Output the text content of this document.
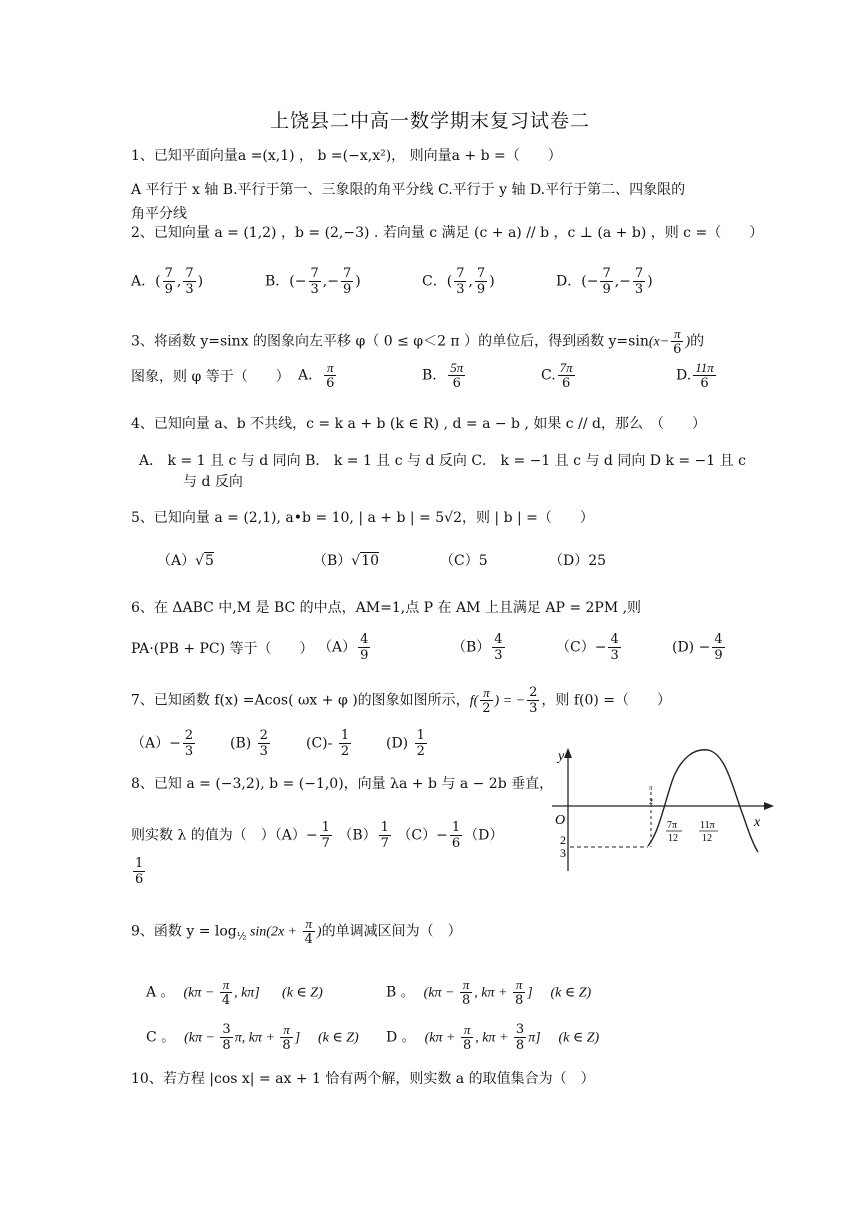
上饶县二中高一数学期末复习试卷二
1、已知平面向量a =(x,1) ， b =(−x,x²)， 则向量a + b =（　　）
A 平行于 x 轴 B.平行于第一、三象限的角平分线 C.平行于 y 轴 D.平行于第二、四象限的
角平分线
2、已知向量 a = (1,2) ，b = (2,−3) . 若向量 c 满足 (c + a) // b ，c ⊥ (a + b) ，则 c =（　　）
A．( $\frac{7}{9}$ , $\frac{7}{3}$ )	B．(− $\frac{7}{3}$ ,− $\frac{7}{9}$ )	C．( $\frac{7}{3}$ , $\frac{7}{9}$ )	D．(− $\frac{7}{9}$ ,− $\frac{7}{3}$ )
3、将函数 y=sinx 的图象向左平移 φ（ 0 ≤ φ＜2 π ）的单位后，得到函数 $y=\sin(x- \frac{\pi}{6}$ )的
图象，则 φ 等于（　　） A． $\frac{\pi}{6}$	B． $\frac{5\pi}{6}$	C. $\frac{7\pi}{6}$	D. $\frac{11\pi}{6}$
4、已知向量 a、b 不共线，c = k a + b (k ∈ R) , d = a − b , 如果 c // d，那么　（　　）
A． k = 1 且 c 与 d 同向 B． k = 1 且 c 与 d 反向 C． k = −1 且 c 与 d 同向 D k = −1 且 c
与 d 反向
5、已知向量 a = (2,1), a•b = 10, | a + b | = 5√2，则 | b | =（　　）
（A）√5	（B）√10	（C）5	（D）25
6、在 ΔABC 中,M 是 BC 的中点，AM=1,点 P 在 AM 上且满足 AP = 2PM ,则
PA·(PB + PC) 等于（　　） $(A) \frac{4}{9}$	$(B) \frac{4}{3}$	$(C)- \frac{4}{3}$	$(D) - \frac{4}{9}$
7、已知函数 f(x) =Acos( ωx + φ )的图象如图所示，$f( \frac{\pi}{2}$ ) = − $\frac{2}{3}$ ，则 f(0) =（　　）
$(A)- \frac{2}{3} (B) \frac{2}{3}$	$(C)- \frac{1}{2} (D) \frac{1}{2}$
8、已知 a = (−3,2), b = (−1,0)，向量 λa + b 与 a − 2b 垂直，
则实数 λ 的值为（　）$(A)- \frac{1}{7} (B) \frac{1}{7} (C)- \frac{1}{6} (D)$
$\frac{1}{6}$
y
x
O
π
2
7π
12
11π
12
2
3
9、函数 $y = \log_{\frac{1}{2}} \sin(2x + \frac{\pi}{4}$ )的单调减区间为（　）
A 。 ($k\pi - \frac{\pi}{4}$ , kπ] (k ∈ Z)	B 。 ($k\pi - \frac{\pi}{8}$ , $k\pi + \frac{\pi}{8}$ ] (k ∈ Z)
C 。 ($k\pi - \frac{3}{8} \pi$, $k\pi + \frac{\pi}{8}$ ] (k ∈ Z) D 。 ($k\pi + \frac{\pi}{8}$ , $k\pi + \frac{3}{8} \pi$] (k ∈ Z)
10、若方程 |cos x| = ax + 1 恰有两个解，则实数 a 的取值集合为（　）
